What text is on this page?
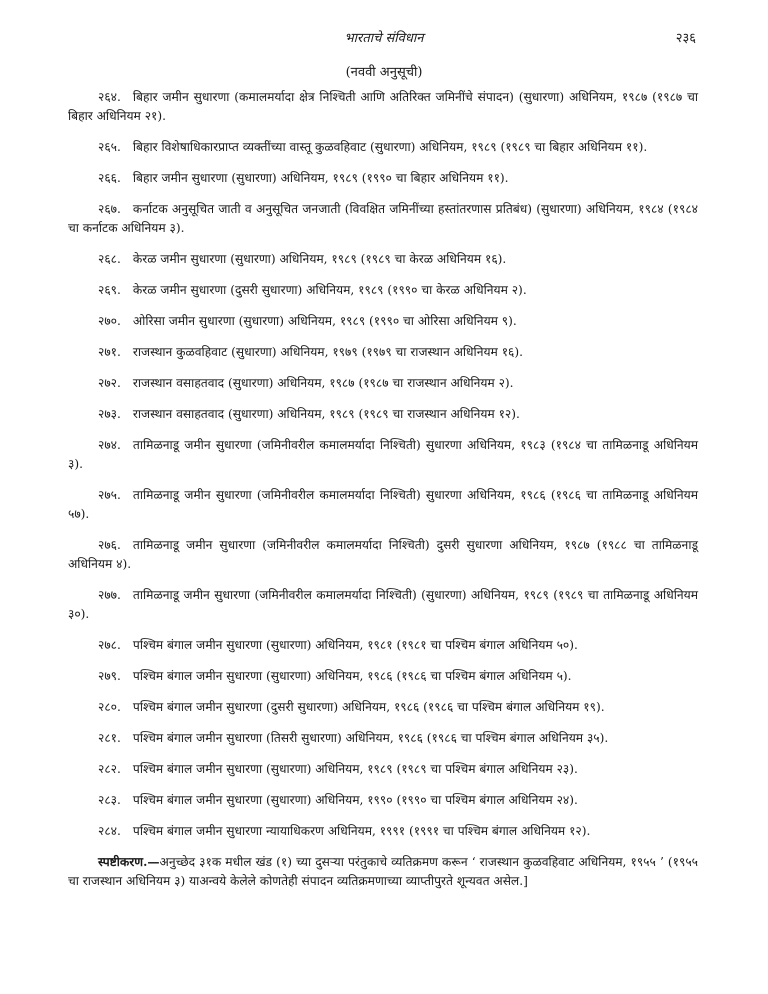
भारताचे संविधान	२३६
(नववी अनुसूची)
२६४. बिहार जमीन सुधारणा (कमालमर्यादा क्षेत्र निश्चिती आणि अतिरिक्त जमिनींचे संपादन) (सुधारणा) अधिनियम, १९८७ (१९८७ चा बिहार अधिनियम २१).
२६५. बिहार विशेषाधिकारप्राप्त व्यक्तींच्या वास्तू कुळवहिवाट (सुधारणा) अधिनियम, १९८९ (१९८९ चा बिहार अधिनियम ११).
२६६. बिहार जमीन सुधारणा (सुधारणा) अधिनियम, १९८९ (१९९० चा बिहार अधिनियम ११).
२६७. कर्नाटक अनुसूचित जाती व अनुसूचित जनजाती (विवक्षित जमिनींच्या हस्तांतरणास प्रतिबंध) (सुधारणा) अधिनियम, १९८४ (१९८४ चा कर्नाटक अधिनियम ३).
२६८. केरळ जमीन सुधारणा (सुधारणा) अधिनियम, १९८९ (१९८९ चा केरळ अधिनियम १६).
२६९. केरळ जमीन सुधारणा (दुसरी सुधारणा) अधिनियम, १९८९ (१९९० चा केरळ अधिनियम २).
२७०. ओरिसा जमीन सुधारणा (सुधारणा) अधिनियम, १९८९ (१९९० चा ओरिसा अधिनियम ९).
२७१. राजस्थान कुळवहिवाट (सुधारणा) अधिनियम, १९७९ (१९७९ चा राजस्थान अधिनियम १६).
२७२. राजस्थान वसाहतवाद (सुधारणा) अधिनियम, १९८७ (१९८७ चा राजस्थान अधिनियम २).
२७३. राजस्थान वसाहतवाद (सुधारणा) अधिनियम, १९८९ (१९८९ चा राजस्थान अधिनियम १२).
२७४. तामिळनाडू जमीन सुधारणा (जमिनीवरील कमालमर्यादा निश्चिती) सुधारणा अधिनियम, १९८३ (१९८४ चा तामिळनाडू अधिनियम ३).
२७५. तामिळनाडू जमीन सुधारणा (जमिनीवरील कमालमर्यादा निश्चिती) सुधारणा अधिनियम, १९८६ (१९८६ चा तामिळनाडू अधिनियम ५७).
२७६. तामिळनाडू जमीन सुधारणा (जमिनीवरील कमालमर्यादा निश्चिती) दुसरी सुधारणा अधिनियम, १९८७ (१९८८ चा तामिळनाडू अधिनियम ४).
२७७. तामिळनाडू जमीन सुधारणा (जमिनीवरील कमालमर्यादा निश्चिती) (सुधारणा) अधिनियम, १९८९ (१९८९ चा तामिळनाडू अधिनियम ३०).
२७८. पश्चिम बंगाल जमीन सुधारणा (सुधारणा) अधिनियम, १९८१ (१९८१ चा पश्चिम बंगाल अधिनियम ५०).
२७९. पश्चिम बंगाल जमीन सुधारणा (सुधारणा) अधिनियम, १९८६ (१९८६ चा पश्चिम बंगाल अधिनियम ५).
२८०. पश्चिम बंगाल जमीन सुधारणा (दुसरी सुधारणा) अधिनियम, १९८६ (१९८६ चा पश्चिम बंगाल अधिनियम १९).
२८१. पश्चिम बंगाल जमीन सुधारणा (तिसरी सुधारणा) अधिनियम, १९८६ (१९८६ चा पश्चिम बंगाल अधिनियम ३५).
२८२. पश्चिम बंगाल जमीन सुधारणा (सुधारणा) अधिनियम, १९८९ (१९८९ चा पश्चिम बंगाल अधिनियम २३).
२८३. पश्चिम बंगाल जमीन सुधारणा (सुधारणा) अधिनियम, १९९० (१९९० चा पश्चिम बंगाल अधिनियम २४).
२८४. पश्चिम बंगाल जमीन सुधारणा न्यायाधिकरण अधिनियम, १९९१ (१९९१ चा पश्चिम बंगाल अधिनियम १२).
स्पष्टीकरण.—अनुच्छेद ३१क मधील खंड (१) च्या दुसऱ्या परंतुकाचे व्यतिक्रमण करून ‘ राजस्थान कुळवहिवाट अधिनियम, १९५५ ’ (१९५५ चा राजस्थान अधिनियम ३) याअन्वये केलेले कोणतेही संपादन व्यतिक्रमणाच्या व्याप्तीपुरते शून्यवत असेल.]
